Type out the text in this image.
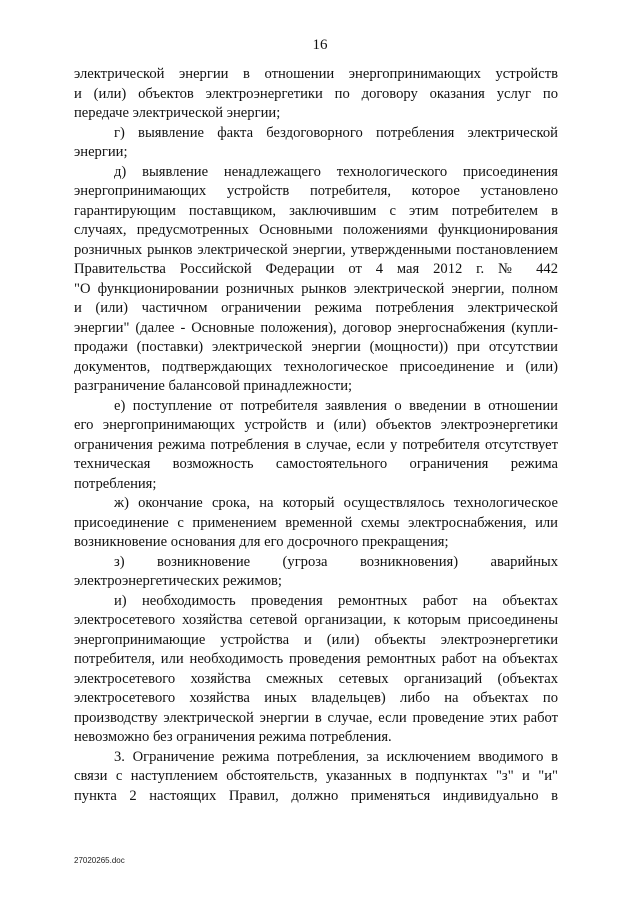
16
электрической энергии в отношении энергопринимающих устройств
и (или) объектов электроэнергетики по договору оказания услуг по
передаче электрической энергии;
г) выявление факта бездоговорного потребления электрической
энергии;
д) выявление ненадлежащего технологического присоединения
энергопринимающих устройств потребителя, которое установлено
гарантирующим поставщиком, заключившим с этим потребителем в
случаях, предусмотренных Основными положениями функционирования
розничных рынков электрической энергии, утвержденными постановлением
Правительства Российской Федерации от 4 мая 2012 г. № 442
"О функционировании розничных рынков электрической энергии, полном
и (или) частичном ограничении режима потребления электрической
энергии" (далее - Основные положения), договор энергоснабжения (купли-
продажи (поставки) электрической энергии (мощности)) при отсутствии
документов, подтверждающих технологическое присоединение и (или)
разграничение балансовой принадлежности;
е) поступление от потребителя заявления о введении в отношении
его энергопринимающих устройств и (или) объектов электроэнергетики
ограничения режима потребления в случае, если у потребителя отсутствует
техническая возможность самостоятельного ограничения режима
потребления;
ж) окончание срока, на который осуществлялось технологическое
присоединение с применением временной схемы электроснабжения, или
возникновение основания для его досрочного прекращения;
з) возникновение (угроза возникновения) аварийных
электроэнергетических режимов;
и) необходимость проведения ремонтных работ на объектах
электросетевого хозяйства сетевой организации, к которым присоединены
энергопринимающие устройства и (или) объекты электроэнергетики
потребителя, или необходимость проведения ремонтных работ на объектах
электросетевого хозяйства смежных сетевых организаций (объектах
электросетевого хозяйства иных владельцев) либо на объектах по
производству электрической энергии в случае, если проведение этих работ
невозможно без ограничения режима потребления.
3. Ограничение режима потребления, за исключением вводимого в
связи с наступлением обстоятельств, указанных в подпунктах "з" и "и"
пункта 2 настоящих Правил, должно применяться индивидуально в
27020265.doc
